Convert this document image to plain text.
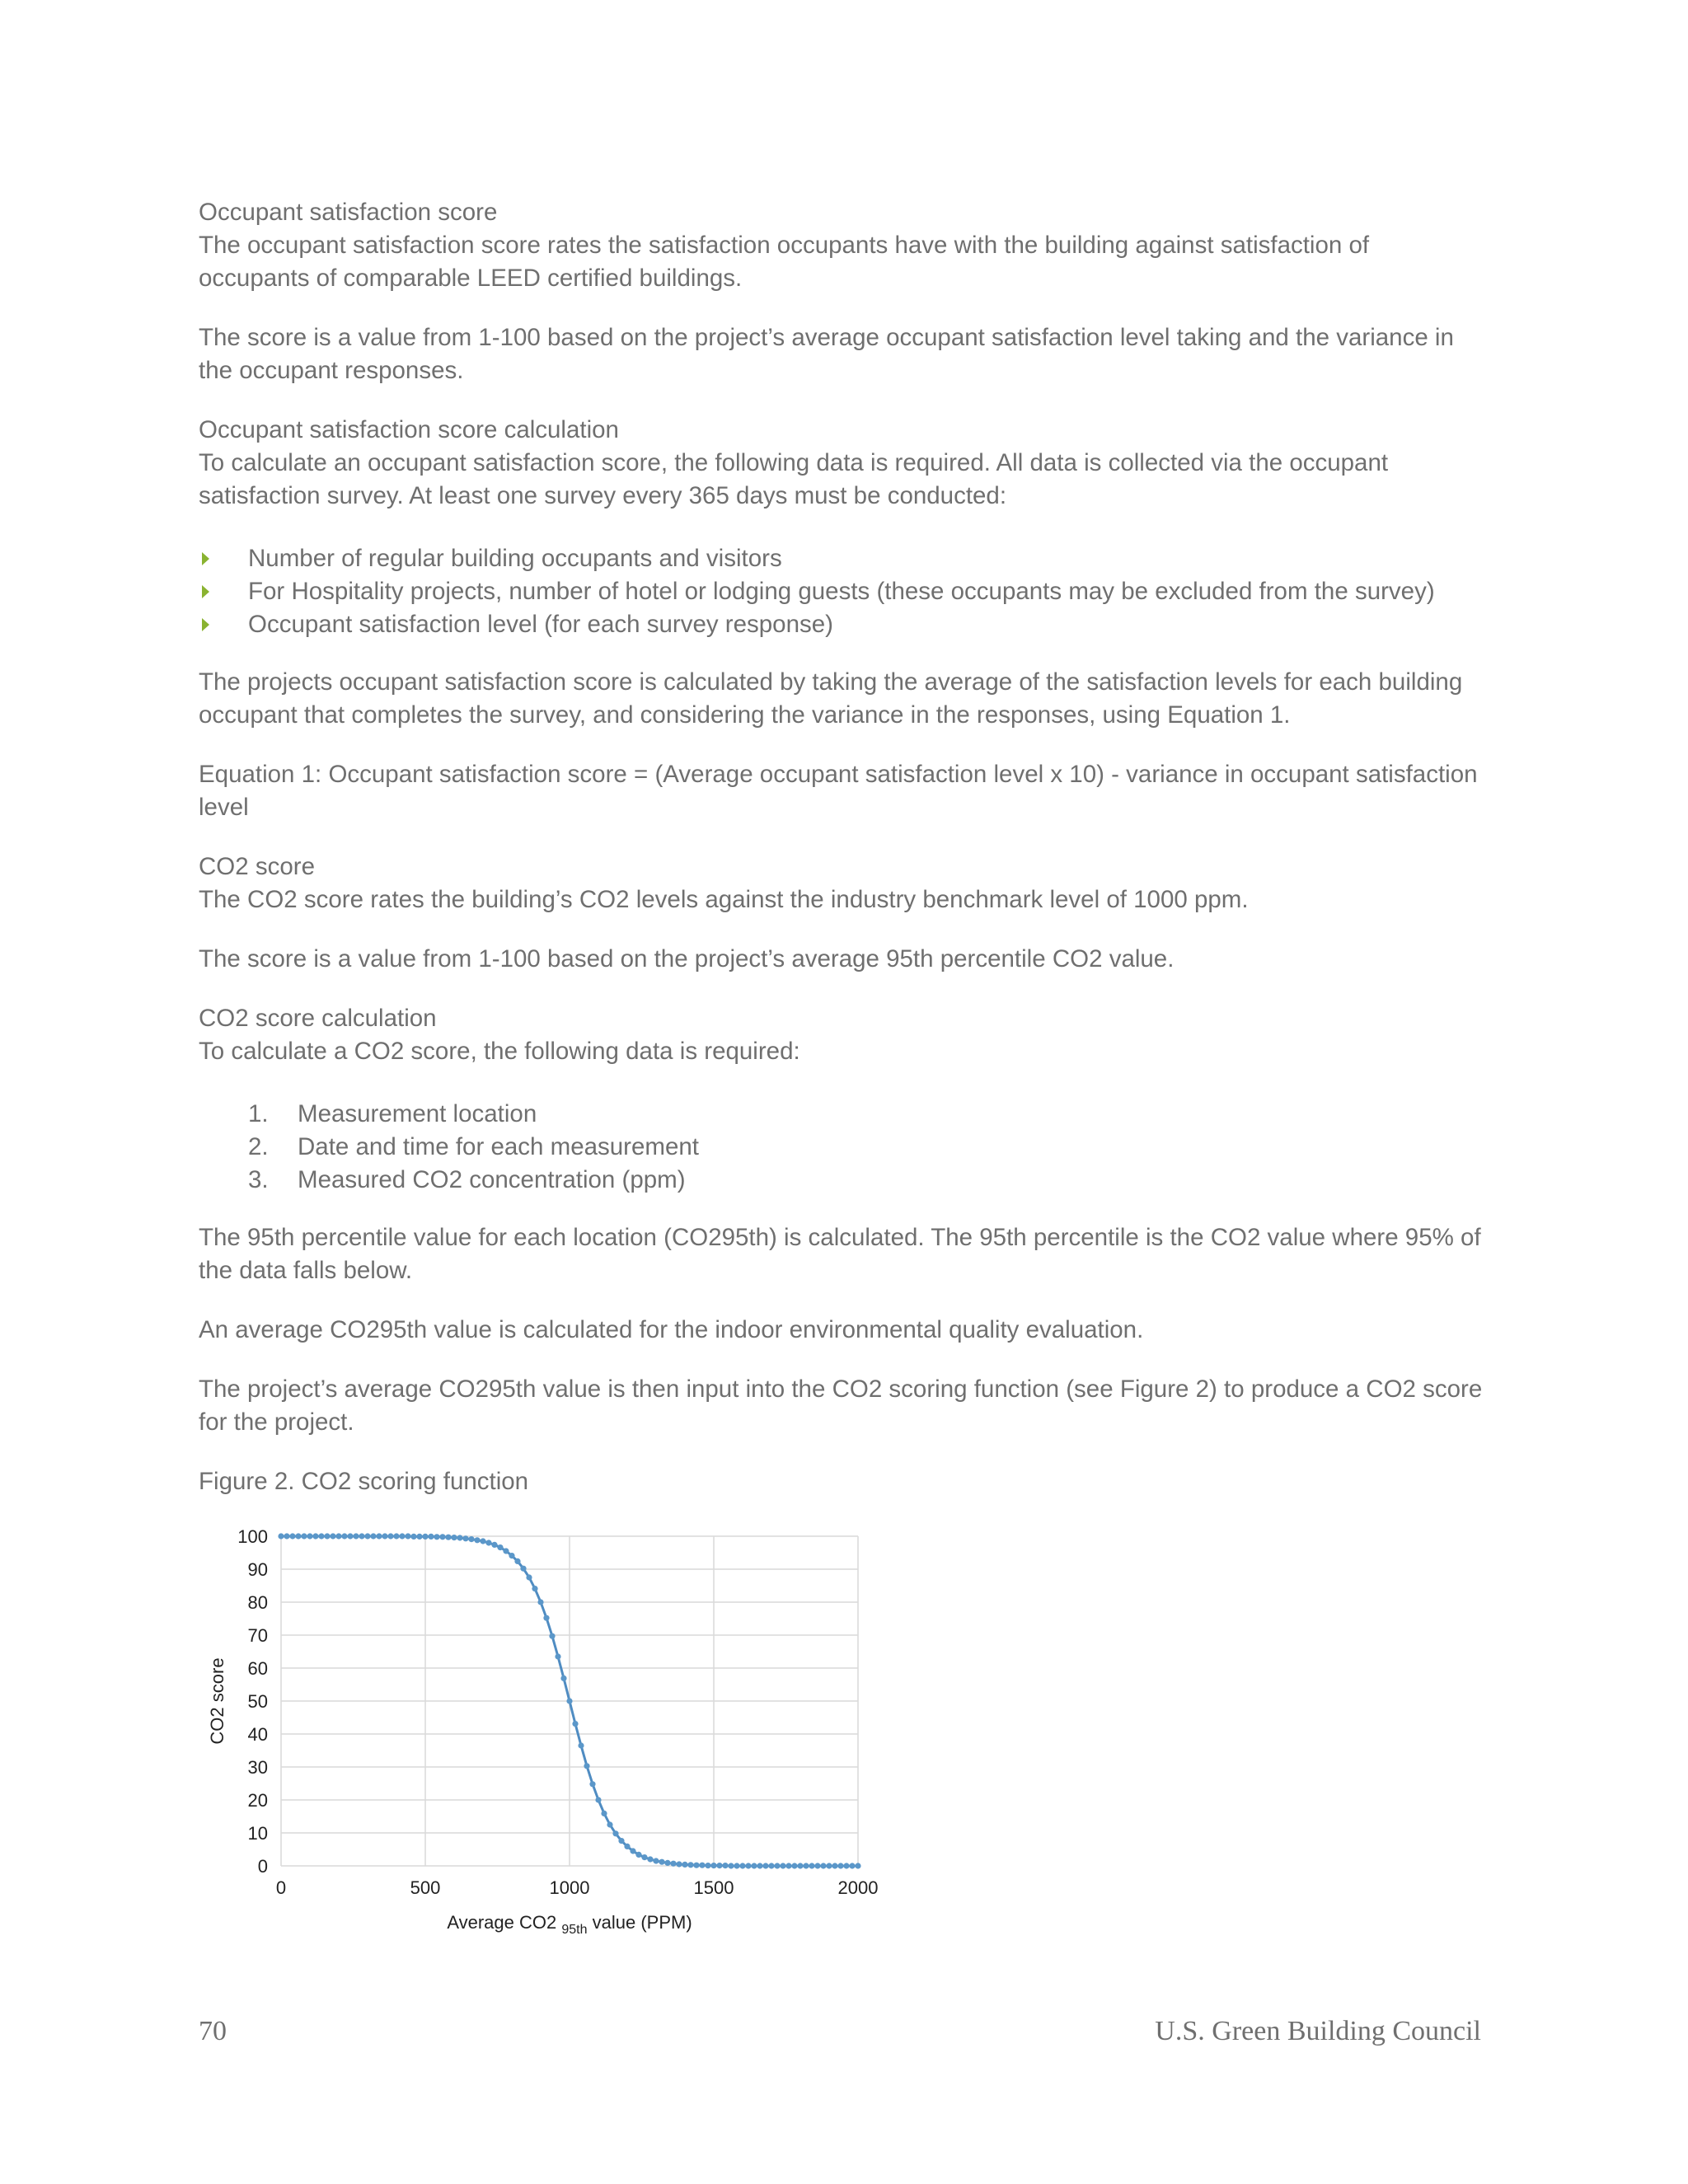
Occupant satisfaction score

The occupant satisfaction score rates the satisfaction occupants have with the building against satisfaction of occupants of comparable LEED certified buildings.

The score is a value from 1-100 based on the project’s average occupant satisfaction level taking and the variance in the occupant responses.

Occupant satisfaction score calculation

To calculate an occupant satisfaction score, the following data is required. All data is collected via the occupant satisfaction survey. At least one survey every 365 days must be conducted:

Number of regular building occupants and visitors
For Hospitality projects, number of hotel or lodging guests (these occupants may be excluded from the survey)
Occupant satisfaction level (for each survey response)

The projects occupant satisfaction score is calculated by taking the average of the satisfaction levels for each building occupant that completes the survey, and considering the variance in the responses, using Equation 1.

Equation 1: Occupant satisfaction score = (Average occupant satisfaction level x 10) - variance in occupant satisfaction level

CO2 score

The CO2 score rates the building’s CO2 levels against the industry benchmark level of 1000 ppm.

The score is a value from 1-100 based on the project’s average 95th percentile CO2 value.

CO2 score calculation

To calculate a CO2 score, the following data is required:

1. Measurement location
2. Date and time for each measurement
3. Measured CO2 concentration (ppm)

The 95th percentile value for each location (CO295th) is calculated. The 95th percentile is the CO2 value where 95% of the data falls below.

An average CO295th value is calculated for the indoor environmental quality evaluation.

The project’s average CO295th value is then input into the CO2 scoring function (see Figure 2) to produce a CO2 score for the project.

Figure 2. CO2 scoring function

0
10
20
30
40
50
60
70
80
90
100
0	500	1000	1500	2000
CO2 score
Average CO2 $_{95th}$ value (PPM)
70	U.S. Green Building Council
